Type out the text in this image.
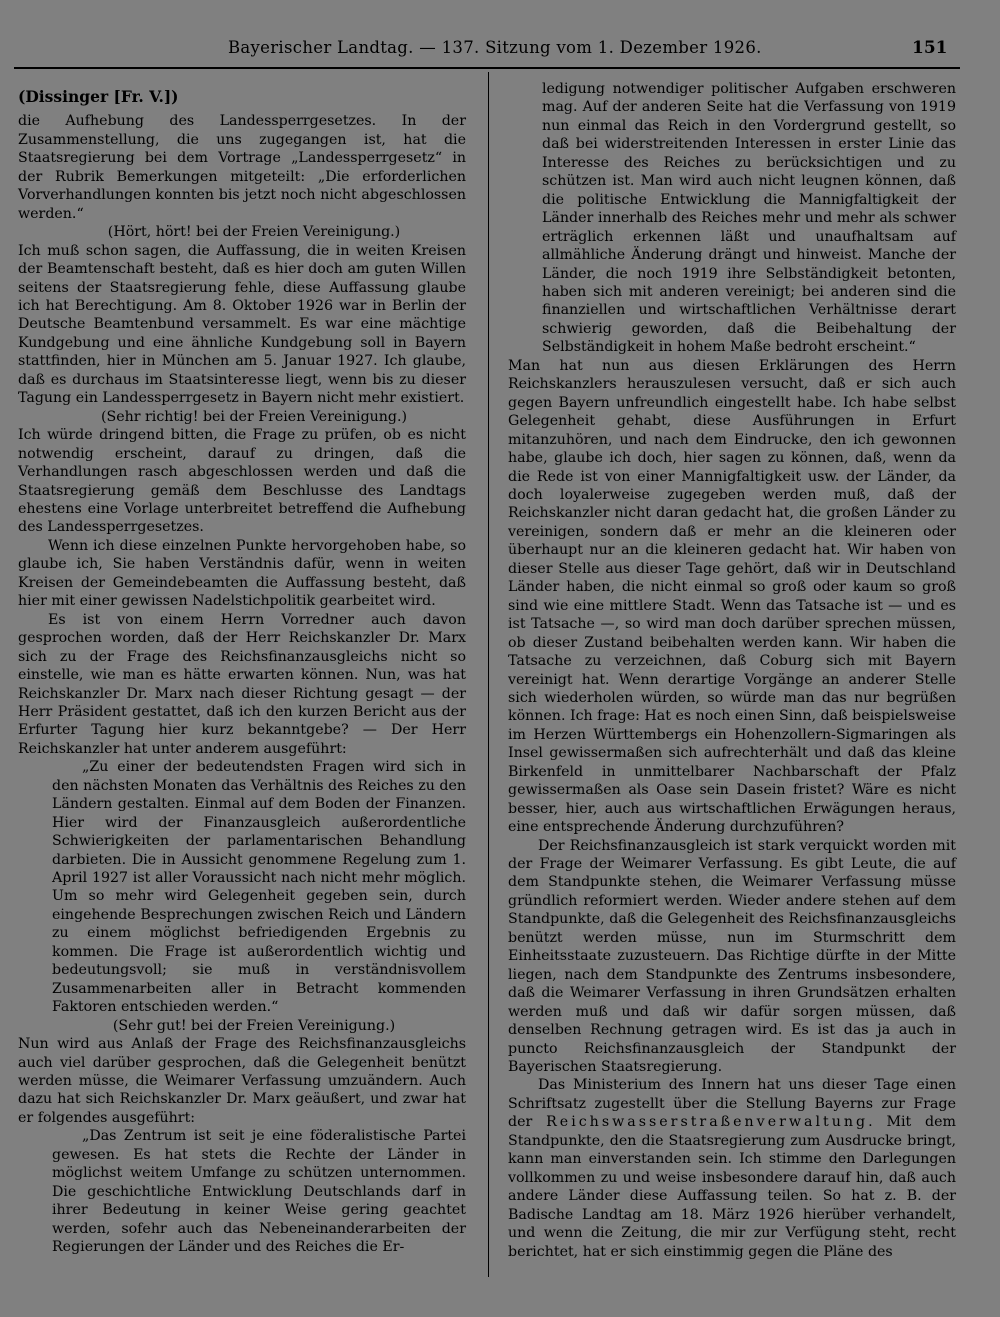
Bayerischer Landtag. — 137. Sitzung vom 1. Dezember 1926.	151

(Dissinger [Fr. V.])

die Aufhebung des Landessperrgesetzes. In der Zusammenstellung, die uns zugegangen ist, hat die Staatsregierung bei dem Vortrage „Landessperrgesetz“ in der Rubrik Bemerkungen mitgeteilt: „Die erforderlichen Vorverhandlungen konnten bis jetzt noch nicht abgeschlossen werden.“

(Hört, hört! bei der Freien Vereinigung.)

Ich muß schon sagen, die Auffassung, die in weiten Kreisen der Beamtenschaft besteht, daß es hier doch am guten Willen seitens der Staatsregierung fehle, diese Auffassung glaube ich hat Berechtigung. Am 8. Oktober 1926 war in Berlin der Deutsche Beamtenbund versammelt. Es war eine mächtige Kundgebung und eine ähnliche Kundgebung soll in Bayern stattfinden, hier in München am 5. Januar 1927. Ich glaube, daß es durchaus im Staatsinteresse liegt, wenn bis zu dieser Tagung ein Landessperrgesetz in Bayern nicht mehr existiert.

(Sehr richtig! bei der Freien Vereinigung.)

Ich würde dringend bitten, die Frage zu prüfen, ob es nicht notwendig erscheint, darauf zu dringen, daß die Verhandlungen rasch abgeschlossen werden und daß die Staatsregierung gemäß dem Beschlusse des Landtags ehestens eine Vorlage unterbreitet betreffend die Aufhebung des Landessperrgesetzes.

Wenn ich diese einzelnen Punkte hervorgehoben habe, so glaube ich, Sie haben Verständnis dafür, wenn in weiten Kreisen der Gemeindebeamten die Auffassung besteht, daß hier mit einer gewissen Nadelstichpolitik gearbeitet wird.

Es ist von einem Herrn Vorredner auch davon gesprochen worden, daß der Herr Reichskanzler Dr. Marx sich zu der Frage des Reichsfinanzausgleichs nicht so einstelle, wie man es hätte erwarten können. Nun, was hat Reichskanzler Dr. Marx nach dieser Richtung gesagt — der Herr Präsident gestattet, daß ich den kurzen Bericht aus der Erfurter Tagung hier kurz bekanntgebe? — Der Herr Reichskanzler hat unter anderem ausgeführt:

„Zu einer der bedeutendsten Fragen wird sich in den nächsten Monaten das Verhältnis des Reiches zu den Ländern gestalten. Einmal auf dem Boden der Finanzen. Hier wird der Finanzausgleich außerordentliche Schwierigkeiten der parlamentarischen Behandlung darbieten. Die in Aussicht genommene Regelung zum 1. April 1927 ist aller Voraussicht nach nicht mehr möglich. Um so mehr wird Gelegenheit gegeben sein, durch eingehende Besprechungen zwischen Reich und Ländern zu einem möglichst befriedigenden Ergebnis zu kommen. Die Frage ist außerordentlich wichtig und bedeutungsvoll; sie muß in verständnisvollem Zusammenarbeiten aller in Betracht kommenden Faktoren entschieden werden.“

(Sehr gut! bei der Freien Vereinigung.)

Nun wird aus Anlaß der Frage des Reichsfinanzausgleichs auch viel darüber gesprochen, daß die Gelegenheit benützt werden müsse, die Weimarer Verfassung umzuändern. Auch dazu hat sich Reichskanzler Dr. Marx geäußert, und zwar hat er folgendes ausgeführt:

„Das Zentrum ist seit je eine föderalistische Partei gewesen. Es hat stets die Rechte der Länder in möglichst weitem Umfange zu schützen unternommen. Die geschichtliche Entwicklung Deutschlands darf in ihrer Bedeutung in keiner Weise gering geachtet werden, sofehr auch das Nebeneinanderarbeiten der Regierungen der Länder und des Reiches die Er-

ledigung notwendiger politischer Aufgaben erschweren mag. Auf der anderen Seite hat die Verfassung von 1919 nun einmal das Reich in den Vordergrund gestellt, so daß bei widerstreitenden Interessen in erster Linie das Interesse des Reiches zu berücksichtigen und zu schützen ist. Man wird auch nicht leugnen können, daß die politische Entwicklung die Mannigfaltigkeit der Länder innerhalb des Reiches mehr und mehr als schwer erträglich erkennen läßt und unaufhaltsam auf allmähliche Änderung drängt und hinweist. Manche der Länder, die noch 1919 ihre Selbständigkeit betonten, haben sich mit anderen vereinigt; bei anderen sind die finanziellen und wirtschaftlichen Verhältnisse derart schwierig geworden, daß die Beibehaltung der Selbständigkeit in hohem Maße bedroht erscheint.“

Man hat nun aus diesen Erklärungen des Herrn Reichskanzlers herauszulesen versucht, daß er sich auch gegen Bayern unfreundlich eingestellt habe. Ich habe selbst Gelegenheit gehabt, diese Ausführungen in Erfurt mitanzuhören, und nach dem Eindrucke, den ich gewonnen habe, glaube ich doch, hier sagen zu können, daß, wenn da die Rede ist von einer Mannigfaltigkeit usw. der Länder, da doch loyalerweise zugegeben werden muß, daß der Reichskanzler nicht daran gedacht hat, die großen Länder zu vereinigen, sondern daß er mehr an die kleineren oder überhaupt nur an die kleineren gedacht hat. Wir haben von dieser Stelle aus dieser Tage gehört, daß wir in Deutschland Länder haben, die nicht einmal so groß oder kaum so groß sind wie eine mittlere Stadt. Wenn das Tatsache ist — und es ist Tatsache —, so wird man doch darüber sprechen müssen, ob dieser Zustand beibehalten werden kann. Wir haben die Tatsache zu verzeichnen, daß Coburg sich mit Bayern vereinigt hat. Wenn derartige Vorgänge an anderer Stelle sich wiederholen würden, so würde man das nur begrüßen können. Ich frage: Hat es noch einen Sinn, daß beispielsweise im Herzen Württembergs ein Hohenzollern-Sigmaringen als Insel gewissermaßen sich aufrechterhält und daß das kleine Birkenfeld in unmittelbarer Nachbarschaft der Pfalz gewissermaßen als Oase sein Dasein fristet? Wäre es nicht besser, hier, auch aus wirtschaftlichen Erwägungen heraus, eine entsprechende Änderung durchzuführen?

Der Reichsfinanzausgleich ist stark verquickt worden mit der Frage der Weimarer Verfassung. Es gibt Leute, die auf dem Standpunkte stehen, die Weimarer Verfassung müsse gründlich reformiert werden. Wieder andere stehen auf dem Standpunkte, daß die Gelegenheit des Reichsfinanzausgleichs benützt werden müsse, nun im Sturmschritt dem Einheitsstaate zuzusteuern. Das Richtige dürfte in der Mitte liegen, nach dem Standpunkte des Zentrums insbesondere, daß die Weimarer Verfassung in ihren Grundsätzen erhalten werden muß und daß wir dafür sorgen müssen, daß denselben Rechnung getragen wird. Es ist das ja auch in puncto Reichsfinanzausgleich der Standpunkt der Bayerischen Staatsregierung.

Das Ministerium des Innern hat uns dieser Tage einen Schriftsatz zugestellt über die Stellung Bayerns zur Frage der Reichswasserstraßenverwaltung. Mit dem Standpunkte, den die Staatsregierung zum Ausdrucke bringt, kann man einverstanden sein. Ich stimme den Darlegungen vollkommen zu und weise insbesondere darauf hin, daß auch andere Länder diese Auffassung teilen. So hat z. B. der Badische Landtag am 18. März 1926 hierüber verhandelt, und wenn die Zeitung, die mir zur Verfügung steht, recht berichtet, hat er sich einstimmig gegen die Pläne des
